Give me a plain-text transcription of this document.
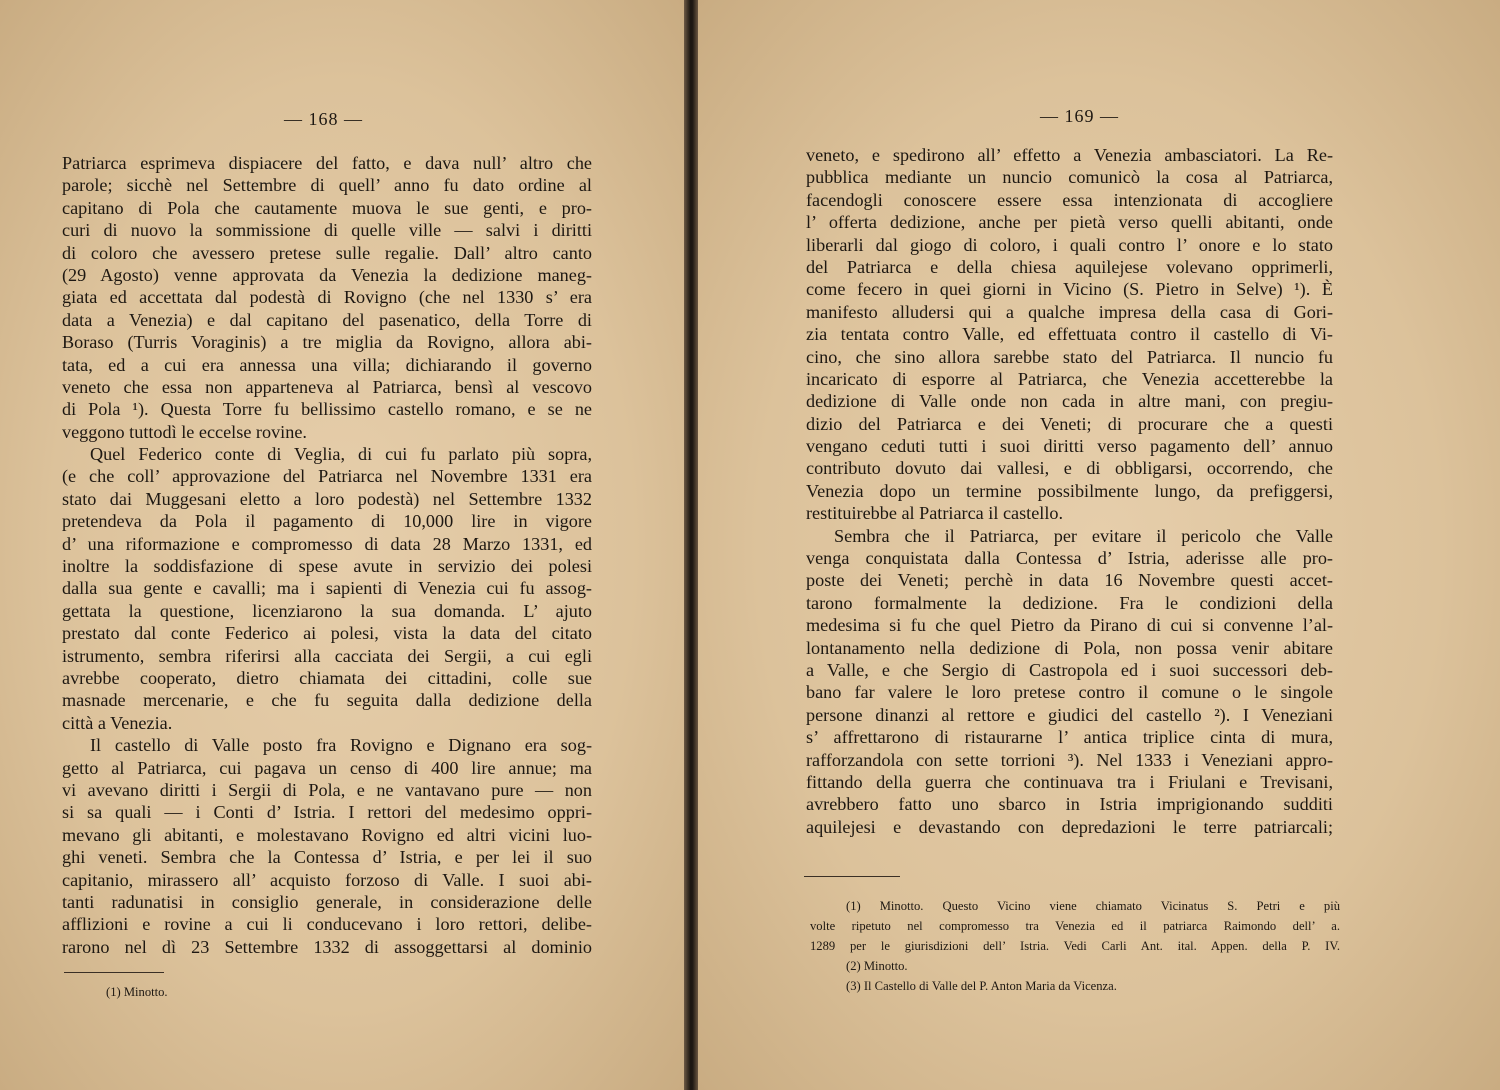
— 168 —
Patriarca esprimeva dispiacere del fatto, e dava null’ altro che
parole; sicchè nel Settembre di quell’ anno fu dato ordine al
capitano di Pola che cautamente muova le sue genti, e pro-
curi di nuovo la sommissione di quelle ville — salvi i diritti
di coloro che avessero pretese sulle regalie. Dall’ altro canto
(29 Agosto) venne approvata da Venezia la dedizione maneg-
giata ed accettata dal podestà di Rovigno (che nel 1330 s’ era
data a Venezia) e dal capitano del pasenatico, della Torre di
Boraso (Turris Voraginis) a tre miglia da Rovigno, allora abi-
tata, ed a cui era annessa una villa; dichiarando il governo
veneto che essa non apparteneva al Patriarca, bensì al vescovo
di Pola ¹). Questa Torre fu bellissimo castello romano, e se ne
veggono tuttodì le eccelse rovine.
Quel Federico conte di Veglia, di cui fu parlato più sopra,
(e che coll’ approvazione del Patriarca nel Novembre 1331 era
stato dai Muggesani eletto a loro podestà) nel Settembre 1332
pretendeva da Pola il pagamento di 10,000 lire in vigore
d’ una riformazione e compromesso di data 28 Marzo 1331, ed
inoltre la soddisfazione di spese avute in servizio dei polesi
dalla sua gente e cavalli; ma i sapienti di Venezia cui fu assog-
gettata la questione, licenziarono la sua domanda. L’ ajuto
prestato dal conte Federico ai polesi, vista la data del citato
istrumento, sembra riferirsi alla cacciata dei Sergii, a cui egli
avrebbe cooperato, dietro chiamata dei cittadini, colle sue
masnade mercenarie, e che fu seguita dalla dedizione della
città a Venezia.
Il castello di Valle posto fra Rovigno e Dignano era sog-
getto al Patriarca, cui pagava un censo di 400 lire annue; ma
vi avevano diritti i Sergii di Pola, e ne vantavano pure — non
si sa quali — i Conti d’ Istria. I rettori del medesimo oppri-
mevano gli abitanti, e molestavano Rovigno ed altri vicini luo-
ghi veneti. Sembra che la Contessa d’ Istria, e per lei il suo
capitanio, mirassero all’ acquisto forzoso di Valle. I suoi abi-
tanti radunatisi in consiglio generale, in considerazione delle
afflizioni e rovine a cui li conducevano i loro rettori, delibe-
rarono nel dì 23 Settembre 1332 di assoggettarsi al dominio
(1) Minotto.
— 169 —
veneto, e spedirono all’ effetto a Venezia ambasciatori. La Re-
pubblica mediante un nuncio comunicò la cosa al Patriarca,
facendogli conoscere essere essa intenzionata di accogliere
l’ offerta dedizione, anche per pietà verso quelli abitanti, onde
liberarli dal giogo di coloro, i quali contro l’ onore e lo stato
del Patriarca e della chiesa aquilejese volevano opprimerli,
come fecero in quei giorni in Vicino (S. Pietro in Selve) ¹). È
manifesto alludersi qui a qualche impresa della casa di Gori-
zia tentata contro Valle, ed effettuata contro il castello di Vi-
cino, che sino allora sarebbe stato del Patriarca. Il nuncio fu
incaricato di esporre al Patriarca, che Venezia accetterebbe la
dedizione di Valle onde non cada in altre mani, con pregiu-
dizio del Patriarca e dei Veneti; di procurare che a questi
vengano ceduti tutti i suoi diritti verso pagamento dell’ annuo
contributo dovuto dai vallesi, e di obbligarsi, occorrendo, che
Venezia dopo un termine possibilmente lungo, da prefiggersi,
restituirebbe al Patriarca il castello.
Sembra che il Patriarca, per evitare il pericolo che Valle
venga conquistata dalla Contessa d’ Istria, aderisse alle pro-
poste dei Veneti; perchè in data 16 Novembre questi accet-
tarono formalmente la dedizione. Fra le condizioni della
medesima si fu che quel Pietro da Pirano di cui si convenne l’al-
lontanamento nella dedizione di Pola, non possa venir abitare
a Valle, e che Sergio di Castropola ed i suoi successori deb-
bano far valere le loro pretese contro il comune o le singole
persone dinanzi al rettore e giudici del castello ²). I Veneziani
s’ affrettarono di ristaurarne l’ antica triplice cinta di mura,
rafforzandola con sette torrioni ³). Nel 1333 i Veneziani appro-
fittando della guerra che continuava tra i Friulani e Trevisani,
avrebbero fatto uno sbarco in Istria imprigionando sudditi
aquilejesi e devastando con depredazioni le terre patriarcali;
(1) Minotto. Questo Vicino viene chiamato Vicinatus S. Petri e più
volte ripetuto nel compromesso tra Venezia ed il patriarca Raimondo dell’ a.
1289 per le giurisdizioni dell’ Istria. Vedi Carli Ant. ital. Appen. della P. IV.
(2) Minotto.
(3) Il Castello di Valle del P. Anton Maria da Vicenza.
